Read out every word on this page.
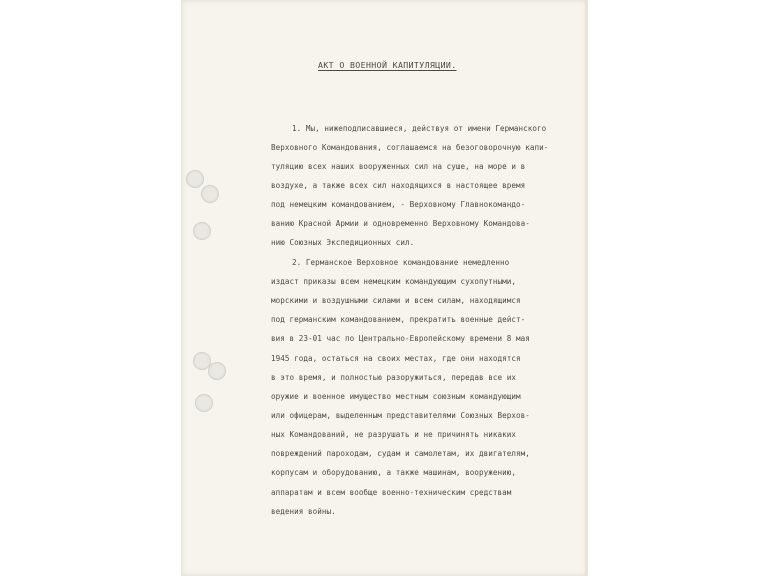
АКТ О ВОЕННОЙ КАПИТУЛЯЦИИ.
1. Мы, нижеподписавшиеся, действуя от имени Германского
Верховного Командования, соглашаемся на безоговорочную капи-
туляцию всех наших вооруженных сил на суше, на море и в
воздухе, а также всех сил находящихся в настоящее время
под немецким командованием, - Верховному Главнокомандо-
ванию Красной Армии и одновременно Верховному Командова-
нию Союзных Экспедиционных сил.
2. Германское Верховное командование немедленно
издаст приказы всем немецким командующим сухопутными,
морскими и воздушными силами и всем силам, находящимся
под германским командованием, прекратить военные дейст-
вия в 23-01 час по Центрально-Европейскому времени 8 мая
1945 года, остаться на своих местах, где они находятся
в это время, и полностью разоружиться, передав все их
оружие и военное имущество местным союзным командующим
или офицерам, выделенным представителями Союзных Верхов-
ных Командований, не разрушать и не причинять никаких
повреждений пароходам, судам и самолетам, их двигателям,
корпусам и оборудованию, а также машинам, вооружению,
аппаратам и всем вообще военно-техническим средствам
ведения войны.
